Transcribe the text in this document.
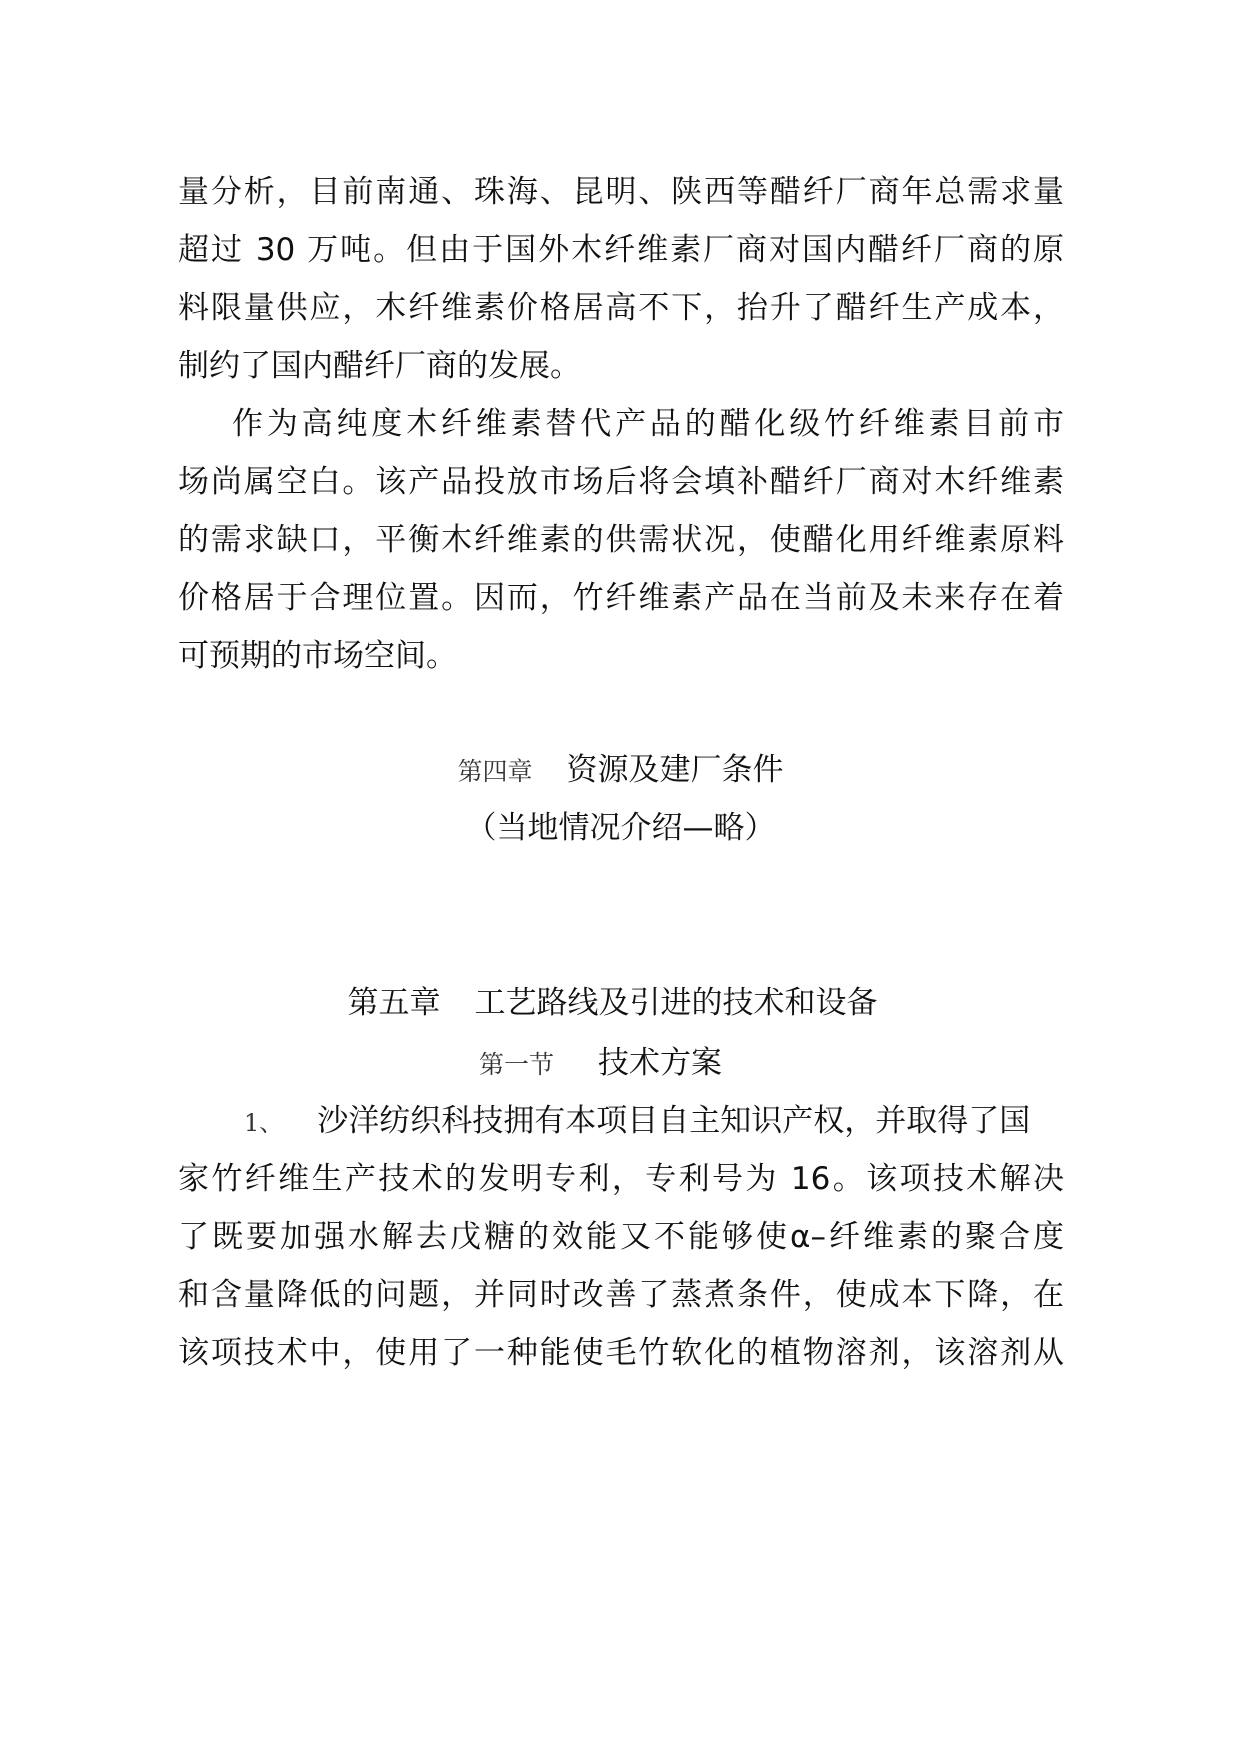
量分析，目前南通、珠海、昆明、陕西等醋纤厂商年总需求量
超过 30 万吨。但由于国外木纤维素厂商对国内醋纤厂商的原
料限量供应，木纤维素价格居高不下，抬升了醋纤生产成本，
制约了国内醋纤厂商的发展。
作为高纯度木纤维素替代产品的醋化级竹纤维素目前市
场尚属空白。该产品投放市场后将会填补醋纤厂商对木纤维素
的需求缺口，平衡木纤维素的供需状况，使醋化用纤维素原料
价格居于合理位置。因而，竹纤维素产品在当前及未来存在着
可预期的市场空间。
第四章 资源及建厂条件
（当地情况介绍—略）
第五章 工艺路线及引进的技术和设备
第一节 技术方案
1、 沙洋纺织科技拥有本项目自主知识产权，并取得了国
家竹纤维生产技术的发明专利，专利号为 16。该项技术解决
了既要加强水解去戊糖的效能又不能够使α–纤维素的聚合度
和含量降低的问题，并同时改善了蒸煮条件，使成本下降，在
该项技术中，使用了一种能使毛竹软化的植物溶剂，该溶剂从
